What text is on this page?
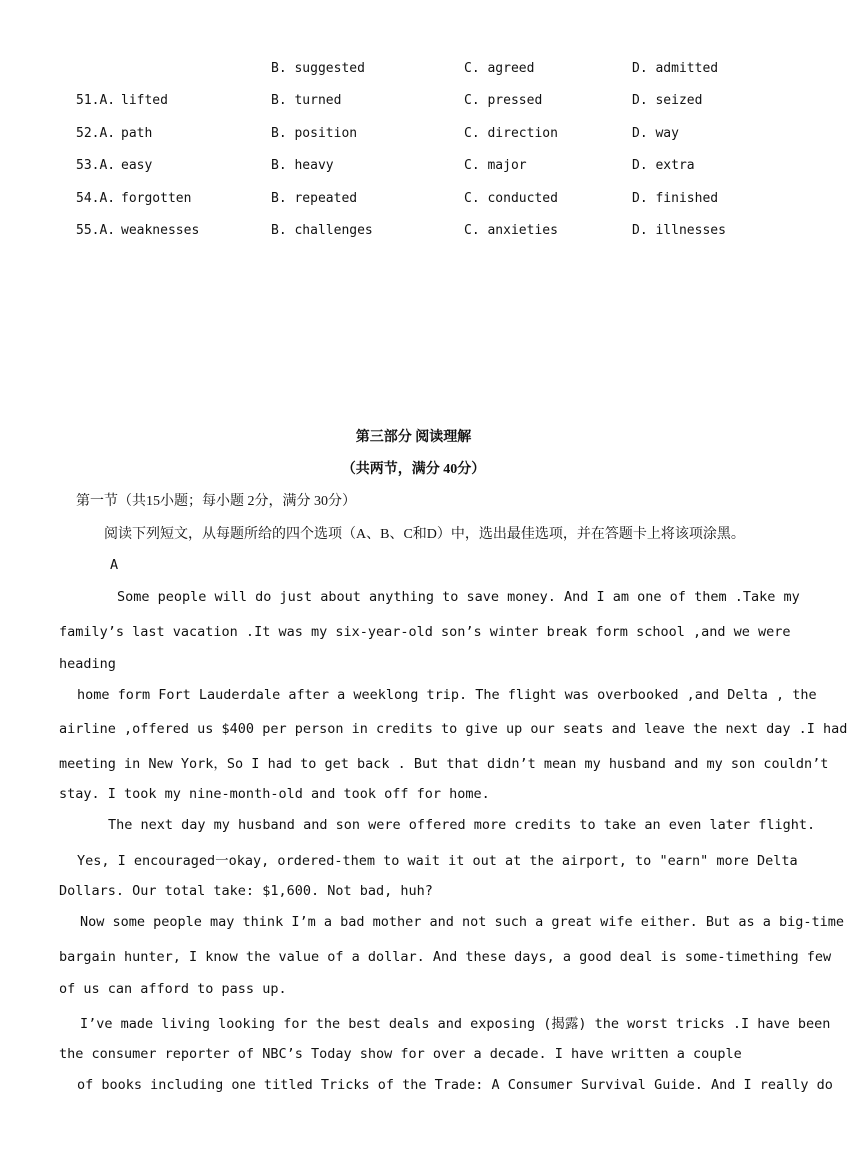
B. suggested	C. agreed	D. admitted
51.A. lifted	B. turned	C. pressed	D. seized
52.A. path	B. position	C. direction	D. way
53.A. easy	B. heavy	C. major	D. extra
54.A. forgotten	B. repeated	C. conducted	D. finished
55.A. weaknesses	B. challenges	C. anxieties	D. illnesses
第三部分 阅读理解
（共两节，满分 40分）
第一节（共15小题；每小题 2分，满分 30分）
阅读下列短文，从每题所给的四个选项（A、B、C和D）中，选出最佳选项，并在答题卡上将该项涂黑。
A
Some people will do just about anything to save money. And I am one of them .Take my
family’s last vacation .It was my six-year-old son’s winter break form school ,and we were
heading
home form Fort Lauderdale after a weeklong trip. The flight was overbooked ,and Delta , the
airline ,offered us $400 per person in credits to give up our seats and leave the next day .I had
meeting in New York，So I had to get back . But that didn’t mean my husband and my son couldn’t
stay. I took my nine-month-old and took off for home.
The next day my husband and son were offered more credits to take an even later flight.
Yes, I encouraged一okay, ordered-them to wait it out at the airport, to "earn" more Delta
Dollars. Our total take: $1,600. Not bad, huh?
Now some people may think I’m a bad mother and not such a great wife either. But as a big-time
bargain hunter, I know the value of a dollar. And these days, a good deal is some-timething few
of us can afford to pass up.
I’ve made living looking for the best deals and exposing (揭露) the worst tricks .I have been
the consumer reporter of NBC’s Today show for over a decade. I have written a couple
of books including one titled Tricks of the Trade: A Consumer Survival Guide. And I really do
